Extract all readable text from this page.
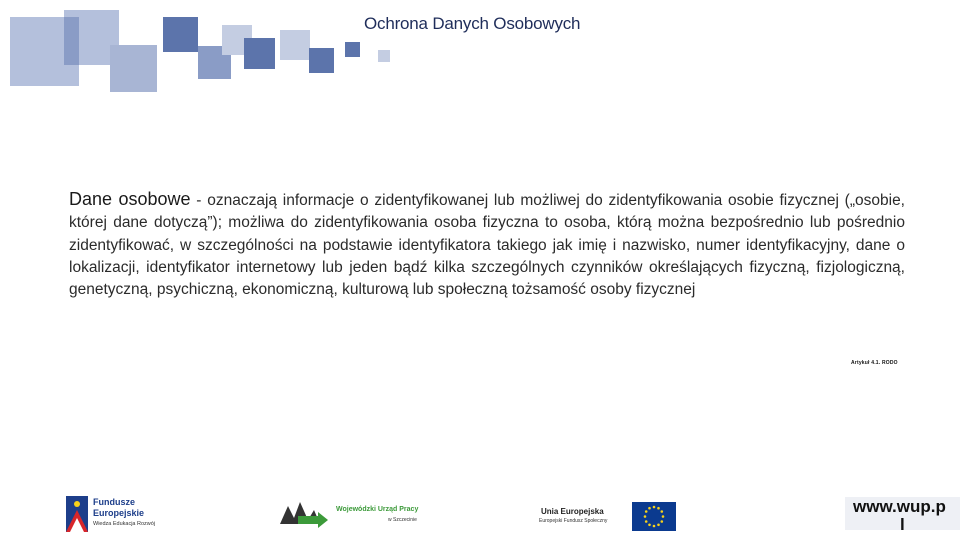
Ochrona Danych Osobowych
Dane osobowe - oznaczają informacje o zidentyfikowanej lub możliwej do zidentyfikowania osobie fizycznej („osobie, której dane dotyczą”); możliwa do zidentyfikowania osoba fizyczna to osoba, którą można bezpośrednio lub pośrednio zidentyfikować, w szczególności na podstawie identyfikatora takiego jak imię i nazwisko, numer identyfikacyjny, dane o lokalizacji, identyfikator internetowy lub jeden bądź kilka szczególnych czynników określających fizyczną, fizjologiczną, genetyczną, psychiczną, ekonomiczną, kulturową lub społeczną tożsamość osoby fizycznej
Artykuł 4.1. RODO
Fundusze
Europejskie
Wiedza Edukacja Rozwój
Wojewódzki Urząd Pracy
w Szczecinie
Unia Europejska
Europejski Fundusz Społeczny
www.wup.p
l
